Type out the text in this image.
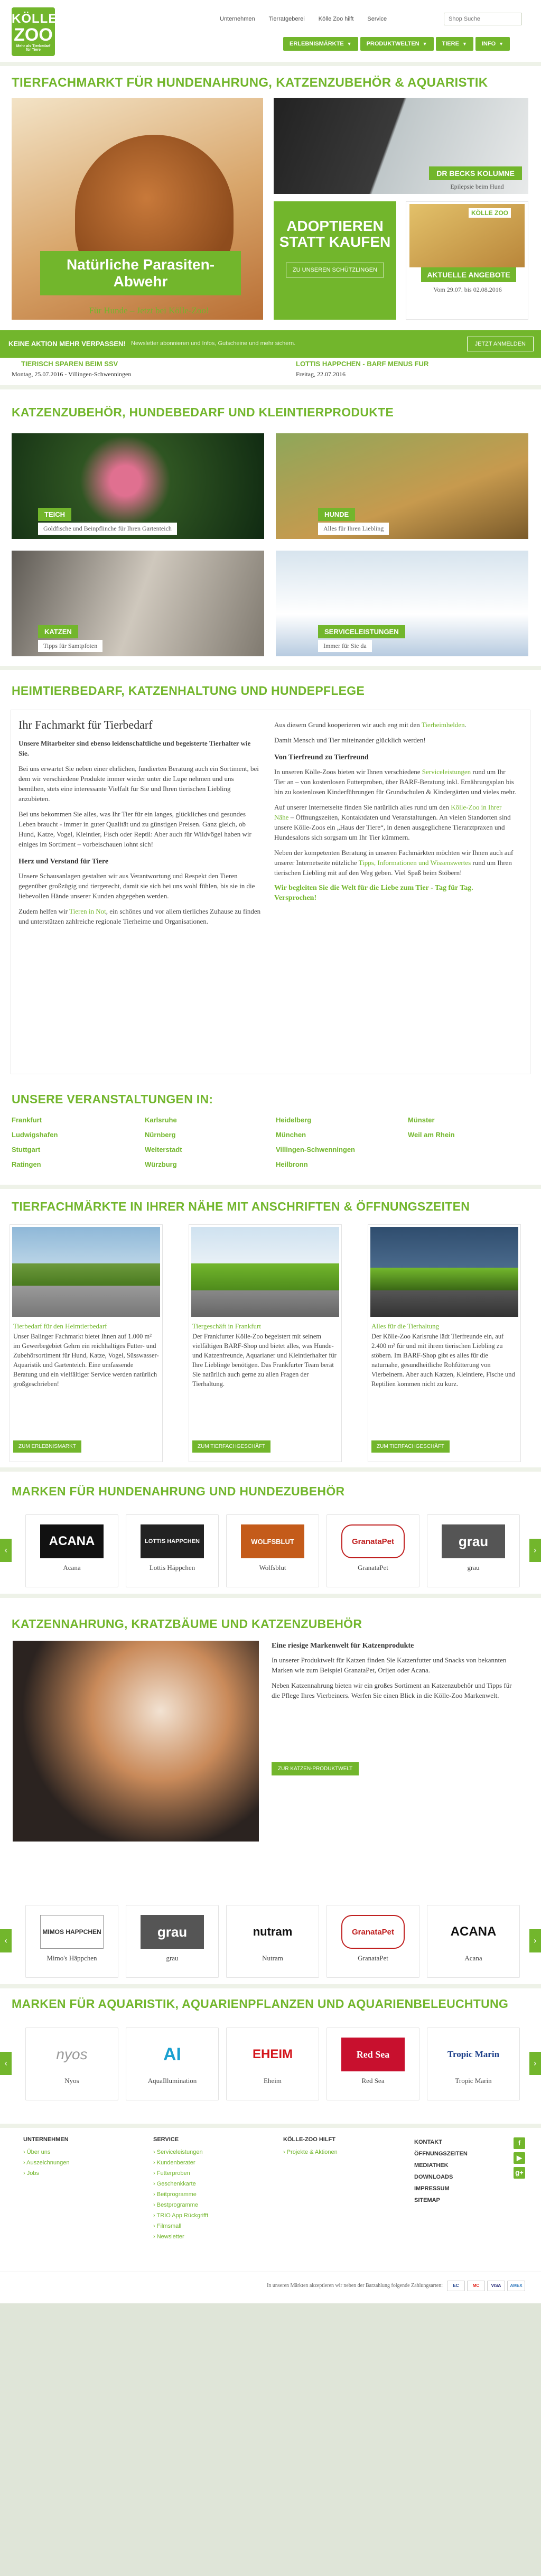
KÖLLE
ZOO
Mehr als Tierbedarf für Tiere
Unternehmen Tierratgeberei Kölle Zoo hilft Service
Shop Suche
ERLEBNISMÄRKTE ▼	PRODUKTWELTEN ▼	TIERE ▼	INFO ▼
TIERFACHMARKT FÜR HUNDENAHRUNG, KATZENZUBEHÖR & AQUARISTIK
Natürliche Parasiten-Abwehr
Für Hunde – Jetzt bei Kölle-Zoo!
DR BECKS KOLUMNE
Epilepsie beim Hund
ADOPTIEREN STATT KAUFEN
ZU UNSEREN SCHÜTZLINGEN
KÖLLE ZOO
AKTUELLE ANGEBOTE
Vom 29.07. bis 02.08.2016
KEINE AKTION MEHR VERPASSEN! Newsletter abonnieren und Infos, Gutscheine und mehr sichern.	JETZT ANMELDEN
TIERISCH SPAREN BEIM SSV
Montag, 25.07.2016 - Villingen-Schwenningen
LOTTIS HAPPCHEN - BARF MENUS FUR
Freitag, 22.07.2016
KATZENZUBEHÖR, HUNDEBEDARF UND KLEINTIERPRODUKTE
TEICH
Goldfische und Beinpflinche für Ihren Gartenteich
HUNDE
Alles für Ihren Liebling
KATZEN
Tipps für Samtpfoten
SERVICELEISTUNGEN
Immer für Sie da
HEIMTIERBEDARF, KATZENHALTUNG UND HUNDEPFLEGE
Ihr Fachmarkt für Tierbedarf

Unsere Mitarbeiter sind ebenso leidenschaftliche und begeisterte Tierhalter wie Sie.

Bei uns erwartet Sie neben einer ehrlichen, fundierten Beratung auch ein Sortiment, bei dem wir verschiedene Produkte immer wieder unter die Lupe nehmen und uns bemühen, stets eine interessante Vielfalt für Sie und Ihren tierischen Liebling anzubieten.

Bei uns bekommen Sie alles, was Ihr Tier für ein langes, glückliches und gesundes Leben braucht - immer in guter Qualität und zu günstigen Preisen. Ganz gleich, ob Hund, Katze, Vogel, Kleintier, Fisch oder Reptil: Aber auch für Wildvögel haben wir einiges im Sortiment – vorbeischauen lohnt sich!

Herz und Verstand für Tiere

Unsere Schausanlagen gestalten wir aus Verantwortung und Respekt den Tieren gegenüber großzügig und tiergerecht, damit sie sich bei uns wohl fühlen, bis sie in die liebevollen Hände unserer Kunden abgegeben werden.

Zudem helfen wir Tieren in Not, ein schönes und vor allem tierliches Zuhause zu finden und unterstützen zahlreiche regionale Tierheime und Organisationen.

Aus diesem Grund kooperieren wir auch eng mit den Tierheimhelden.

Damit Mensch und Tier miteinander glücklich werden!

Von Tierfreund zu Tierfreund

In unseren Kölle-Zoos bieten wir Ihnen verschiedene Serviceleistungen rund um Ihr Tier an – von kostenlosen Futterproben, über BARF-Beratung inkl. Ernährungsplan bis hin zu kostenlosen Kinderführungen für Grundschulen & Kindergärten und vieles mehr.

Auf unserer Internetseite finden Sie natürlich alles rund um den Kölle-Zoo in Ihrer Nähe – Öffnungszeiten, Kontaktdaten und Veranstaltungen. An vielen Standorten sind unsere Kölle-Zoos ein „Haus der Tiere“, in denen ausgeglichene Tierarztpraxen und Hundesalons sich sorgsam um Ihr Tier kümmern.

Neben der kompetenten Beratung in unseren Fachmärkten möchten wir Ihnen auch auf unserer Internetseite nützliche Tipps, Informationen und Wissenswertes rund um Ihren tierischen Liebling mit auf den Weg geben. Viel Spaß beim Stöbern!

Wir begleiten Sie die Welt für die Liebe zum Tier - Tag für Tag. Versprochen!

UNSERE VERANSTALTUNGEN IN:
Frankfurt	Karlsruhe	Heidelberg	Münster
Ludwigshafen	Nürnberg	München	Weil am Rhein
Stuttgart	Weiterstadt	Villingen-Schwenningen
Ratingen	Würzburg	Heilbronn
TIERFACHMÄRKTE IN IHRER NÄHE MIT ANSCHRIFTEN & ÖFFNUNGSZEITEN
Tierbedarf für den Heimtierbedarf
Unser Balinger Fachmarkt bietet Ihnen auf 1.000 m² im Gewerbegebiet Gehrn ein reichhaltiges Futter- und Zubehörsortiment für Hund, Katze, Vogel, Süsswasser-Aquaristik und Gartenteich. Eine umfassende Beratung und ein vielfältiger Service werden natürlich großgeschrieben!
ZUM ERLEBNISMARKT
Tiergeschäft in Frankfurt
Der Frankfurter Kölle-Zoo begeistert mit seinem vielfältigen BARF-Shop und bietet alles, was Hunde- und Katzenfreunde, Aquarianer und Kleintierhalter für Ihre Lieblinge benötigen. Das Frankfurter Team berät Sie natürlich auch gerne zu allen Fragen der Tierhaltung.
ZUM TIERFACHGESCHÄFT
Alles für die Tierhaltung
Der Kölle-Zoo Karlsruhe lädt Tierfreunde ein, auf 2.400 m² für und mit ihrem tierischen Liebling zu stöbern. Im BARF-Shop gibt es alles für die naturnahe, gesundheitliche Rohfütterung von Vierbeinern. Aber auch Katzen, Kleintiere, Fische und Reptilien kommen nicht zu kurz.
ZUM TIERFACHGESCHÄFT
MARKEN FÜR HUNDENAHRUNG UND HUNDEZUBEHÖR
‹
ACANA
Acana
LOTTIS HAPPCHEN
Lottis Häppchen
WOLFSBLUT
Wolfsblut
GranataPet
GranataPet
grau
grau
›
KATZENNAHRUNG, KRATZBÄUME UND KATZENZUBEHÖR
Eine riesige Markenwelt für Katzenprodukte

In unserer Produktwelt für Katzen finden Sie Katzenfutter und Snacks von bekannten Marken wie zum Beispiel GranataPet, Orijen oder Acana.

Neben Katzennahrung bieten wir ein großes Sortiment an Katzenzubehör und Tipps für die Pflege Ihres Vierbeiners. Werfen Sie einen Blick in die Kölle-Zoo Markenwelt.

ZUR KATZEN-PRODUKTWELT
‹
MIMOS HAPPCHEN
Mimo's Häppchen
grau
grau
nutram
Nutram
GranataPet
GranataPet
ACANA
Acana
›
MARKEN FÜR AQUARISTIK, AQUARIENPFLANZEN UND AQUARIENBELEUCHTUNG
‹
nyos
Nyos
AI
AquaIllumination
EHEIM
Eheim
Red Sea
Red Sea
Tropic Marin
Tropic Marin
›
UNTERNEHMEN
› Über uns
› Auszeichnungen
› Jobs
SERVICE
› Serviceleistungen
› Kundenberater
› Futterproben
› Geschenkkarte
› Beitprogramme
› Bestprogramme
› TRIO App Rückgrifft
› Filmsmall
› Newsletter
KÖLLE-ZOO HILFT
› Projekte & Aktionen
KONTAKT
ÖFFNUNGSZEITEN
MEDIATHEK
DOWNLOADS
IMPRESSUM
SITEMAP
f
▶
g+
In unseren Märkten akzeptieren wir neben der Barzahlung folgende Zahlungsarten:	EC	MC	VISA	AMEX
